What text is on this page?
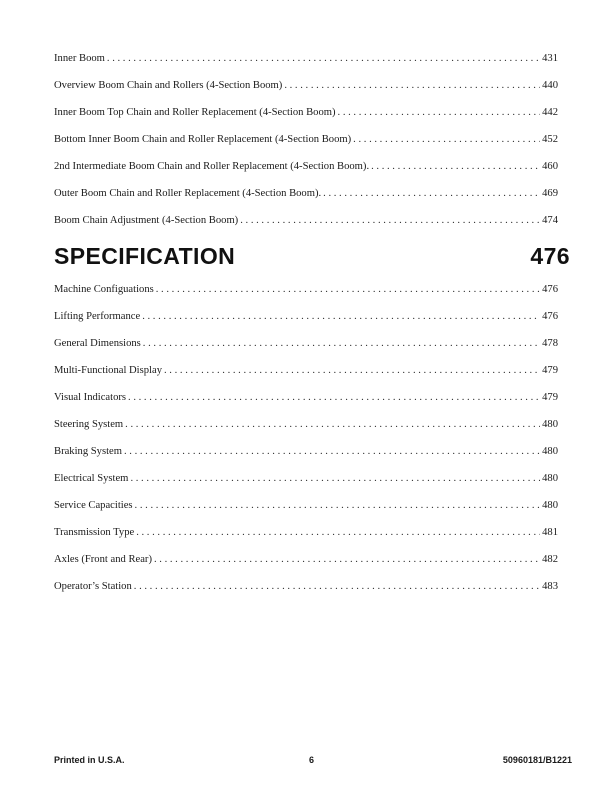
Inner Boom . . .	431
Overview Boom Chain and Rollers (4-Section Boom) . . .	440
Inner Boom Top Chain and Roller Replacement (4-Section Boom) . . .	442
Bottom Inner Boom Chain and Roller Replacement (4-Section Boom) . . .	452
2nd Intermediate Boom Chain and Roller Replacement (4-Section Boom). . . .	460
Outer Boom Chain and Roller Replacement (4-Section Boom). . . .	469
Boom Chain Adjustment (4-Section Boom) . . .	474
SPECIFICATION	476
Machine Configuations . . .	476
Lifting Performance . . .	476
General Dimensions . . .	478
Multi-Functional Display . . .	479
Visual Indicators . . .	479
Steering System . . .	480
Braking System . . .	480
Electrical System . . .	480
Service Capacities . . .	480
Transmission Type . . .	481
Axles (Front and Rear) . . .	482
Operator’s Station . . .	483
Printed in U.S.A.	6	50960181/B1221
